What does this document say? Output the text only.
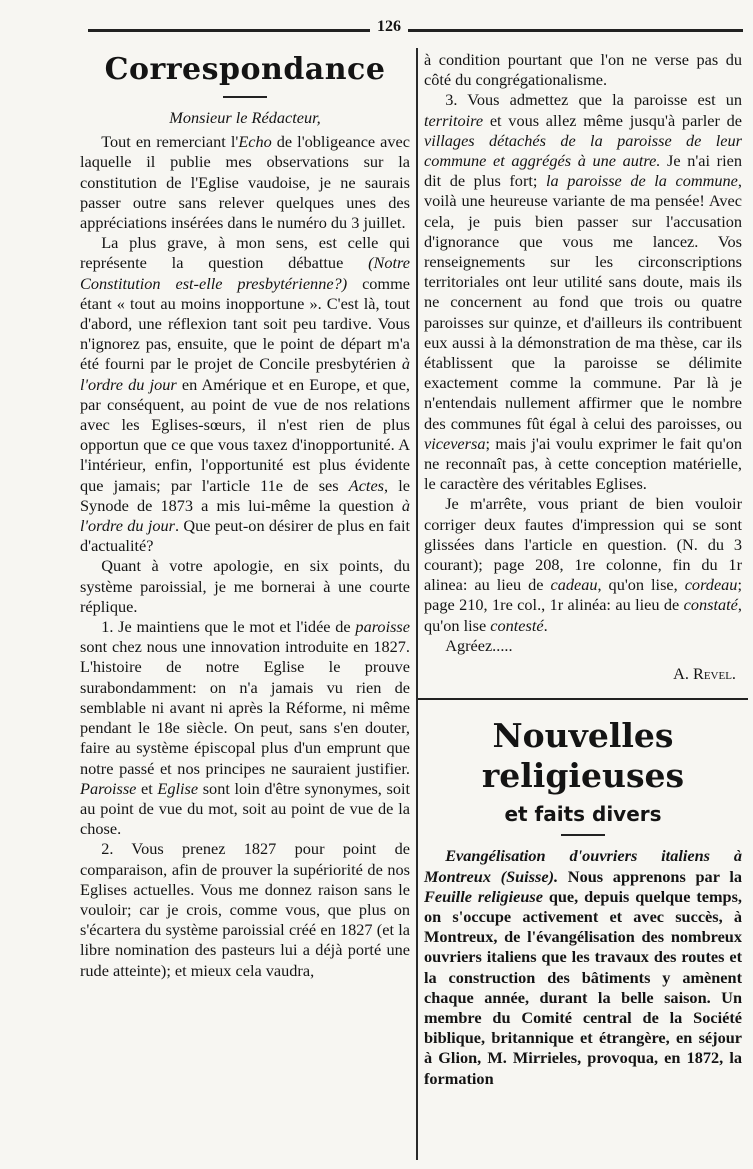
126
Correspondance

Monsieur le Rédacteur,

Tout en remerciant l'Echo de l'obligeance avec laquelle il publie mes observations sur la constitution de l'Eglise vaudoise, je ne saurais passer outre sans relever quelques unes des appréciations insérées dans le numéro du 3 juillet.

La plus grave, à mon sens, est celle qui représente la question débattue (Notre Constitution est-elle presbytérienne?) comme étant « tout au moins inopportune ». C'est là, tout d'abord, une réflexion tant soit peu tardive. Vous n'ignorez pas, ensuite, que le point de départ m'a été fourni par le projet de Concile presbytérien à l'ordre du jour en Amérique et en Europe, et que, par conséquent, au point de vue de nos relations avec les Eglises-sœurs, il n'est rien de plus opportun que ce que vous taxez d'inopportunité. A l'intérieur, enfin, l'opportunité est plus évidente que jamais; par l'article 11e de ses Actes, le Synode de 1873 a mis lui-même la question à l'ordre du jour. Que peut-on désirer de plus en fait d'actualité?

Quant à votre apologie, en six points, du système paroissial, je me bornerai à une courte réplique.

1. Je maintiens que le mot et l'idée de paroisse sont chez nous une innovation introduite en 1827. L'histoire de notre Eglise le prouve surabondamment: on n'a jamais vu rien de semblable ni avant ni après la Réforme, ni même pendant le 18e siècle. On peut, sans s'en douter, faire au système épiscopal plus d'un emprunt que notre passé et nos principes ne sauraient justifier. Paroisse et Eglise sont loin d'être synonymes, soit au point de vue du mot, soit au point de vue de la chose.

2. Vous prenez 1827 pour point de comparaison, afin de prouver la supériorité de nos Eglises actuelles. Vous me donnez raison sans le vouloir; car je crois, comme vous, que plus on s'écartera du système paroissial créé en 1827 (et la libre nomination des pasteurs lui a déjà porté une rude atteinte); et mieux cela vaudra,

à condition pourtant que l'on ne verse pas du côté du congrégationalisme.

3. Vous admettez que la paroisse est un territoire et vous allez même jusqu'à parler de villages détachés de la paroisse de leur commune et aggrégés à une autre. Je n'ai rien dit de plus fort; la paroisse de la commune, voilà une heureuse variante de ma pensée! Avec cela, je puis bien passer sur l'accusation d'ignorance que vous me lancez. Vos renseignements sur les circonscriptions territoriales ont leur utilité sans doute, mais ils ne concernent au fond que trois ou quatre paroisses sur quinze, et d'ailleurs ils contribuent eux aussi à la démonstration de ma thèse, car ils établissent que la paroisse se délimite exactement comme la commune. Par là je n'entendais nullement affirmer que le nombre des communes fût égal à celui des paroisses, ou viceversa; mais j'ai voulu exprimer le fait qu'on ne reconnaît pas, à cette conception matérielle, le caractère des véritables Eglises.

Je m'arrête, vous priant de bien vouloir corriger deux fautes d'impression qui se sont glissées dans l'article en question. (N. du 3 courant); page 208, 1re colonne, fin du 1r alinea: au lieu de cadeau, qu'on lise, cordeau; page 210, 1re col., 1r alinéa: au lieu de constaté, qu'on lise contesté.

Agréez.....

A. Revel.

Nouvelles religieuses
et faits divers

Evangélisation d'ouvriers italiens à Montreux (Suisse). Nous apprenons par la Feuille religieuse que, depuis quelque temps, on s'occupe activement et avec succès, à Montreux, de l'évangélisation des nombreux ouvriers italiens que les travaux des routes et la construction des bâtiments y amènent chaque année, durant la belle saison. Un membre du Comité central de la Société biblique, britannique et étrangère, en séjour à Glion, M. Mirrieles, provoqua, en 1872, la formation
